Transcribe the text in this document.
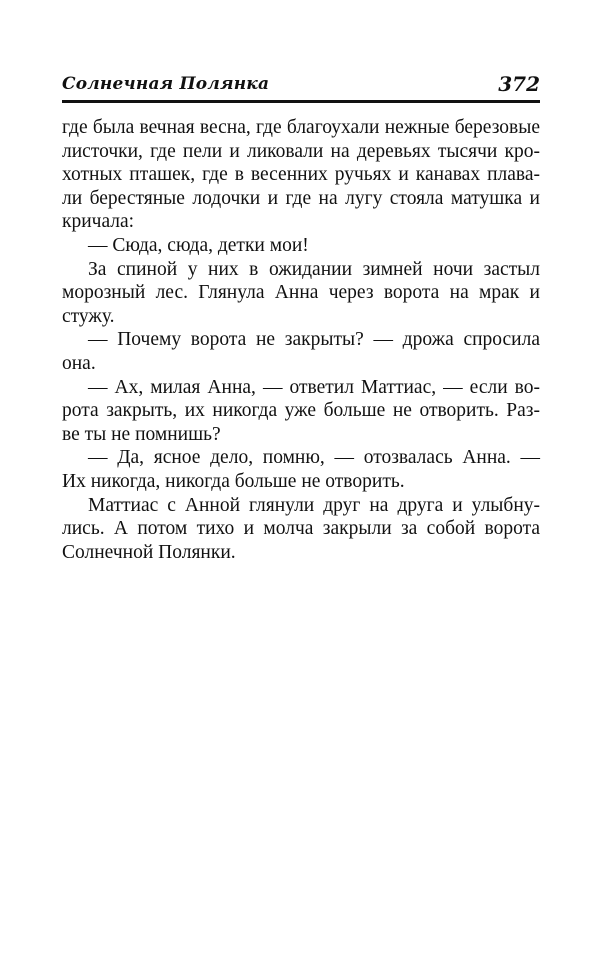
Солнечная Полянка	372
где была вечная весна, где благоухали нежные березовые
листочки, где пели и ликовали на деревьях тысячи кро-
хотных пташек, где в весенних ручьях и канавах плава-
ли берестяные лодочки и где на лугу стояла матушка и
кричала:
— Сюда, сюда, детки мои!
За спиной у них в ожидании зимней ночи застыл
морозный лес. Глянула Анна через ворота на мрак и
стужу.
— Почему ворота не закрыты? — дрожа спросила
она.
— Ах, милая Анна, — ответил Маттиас, — если во-
рота закрыть, их никогда уже больше не отворить. Раз-
ве ты не помнишь?
— Да, ясное дело, помню, — отозвалась Анна. —
Их никогда, никогда больше не отворить.
Маттиас с Анной глянули друг на друга и улыбну-
лись. А потом тихо и молча закрыли за собой ворота
Солнечной Полянки.
